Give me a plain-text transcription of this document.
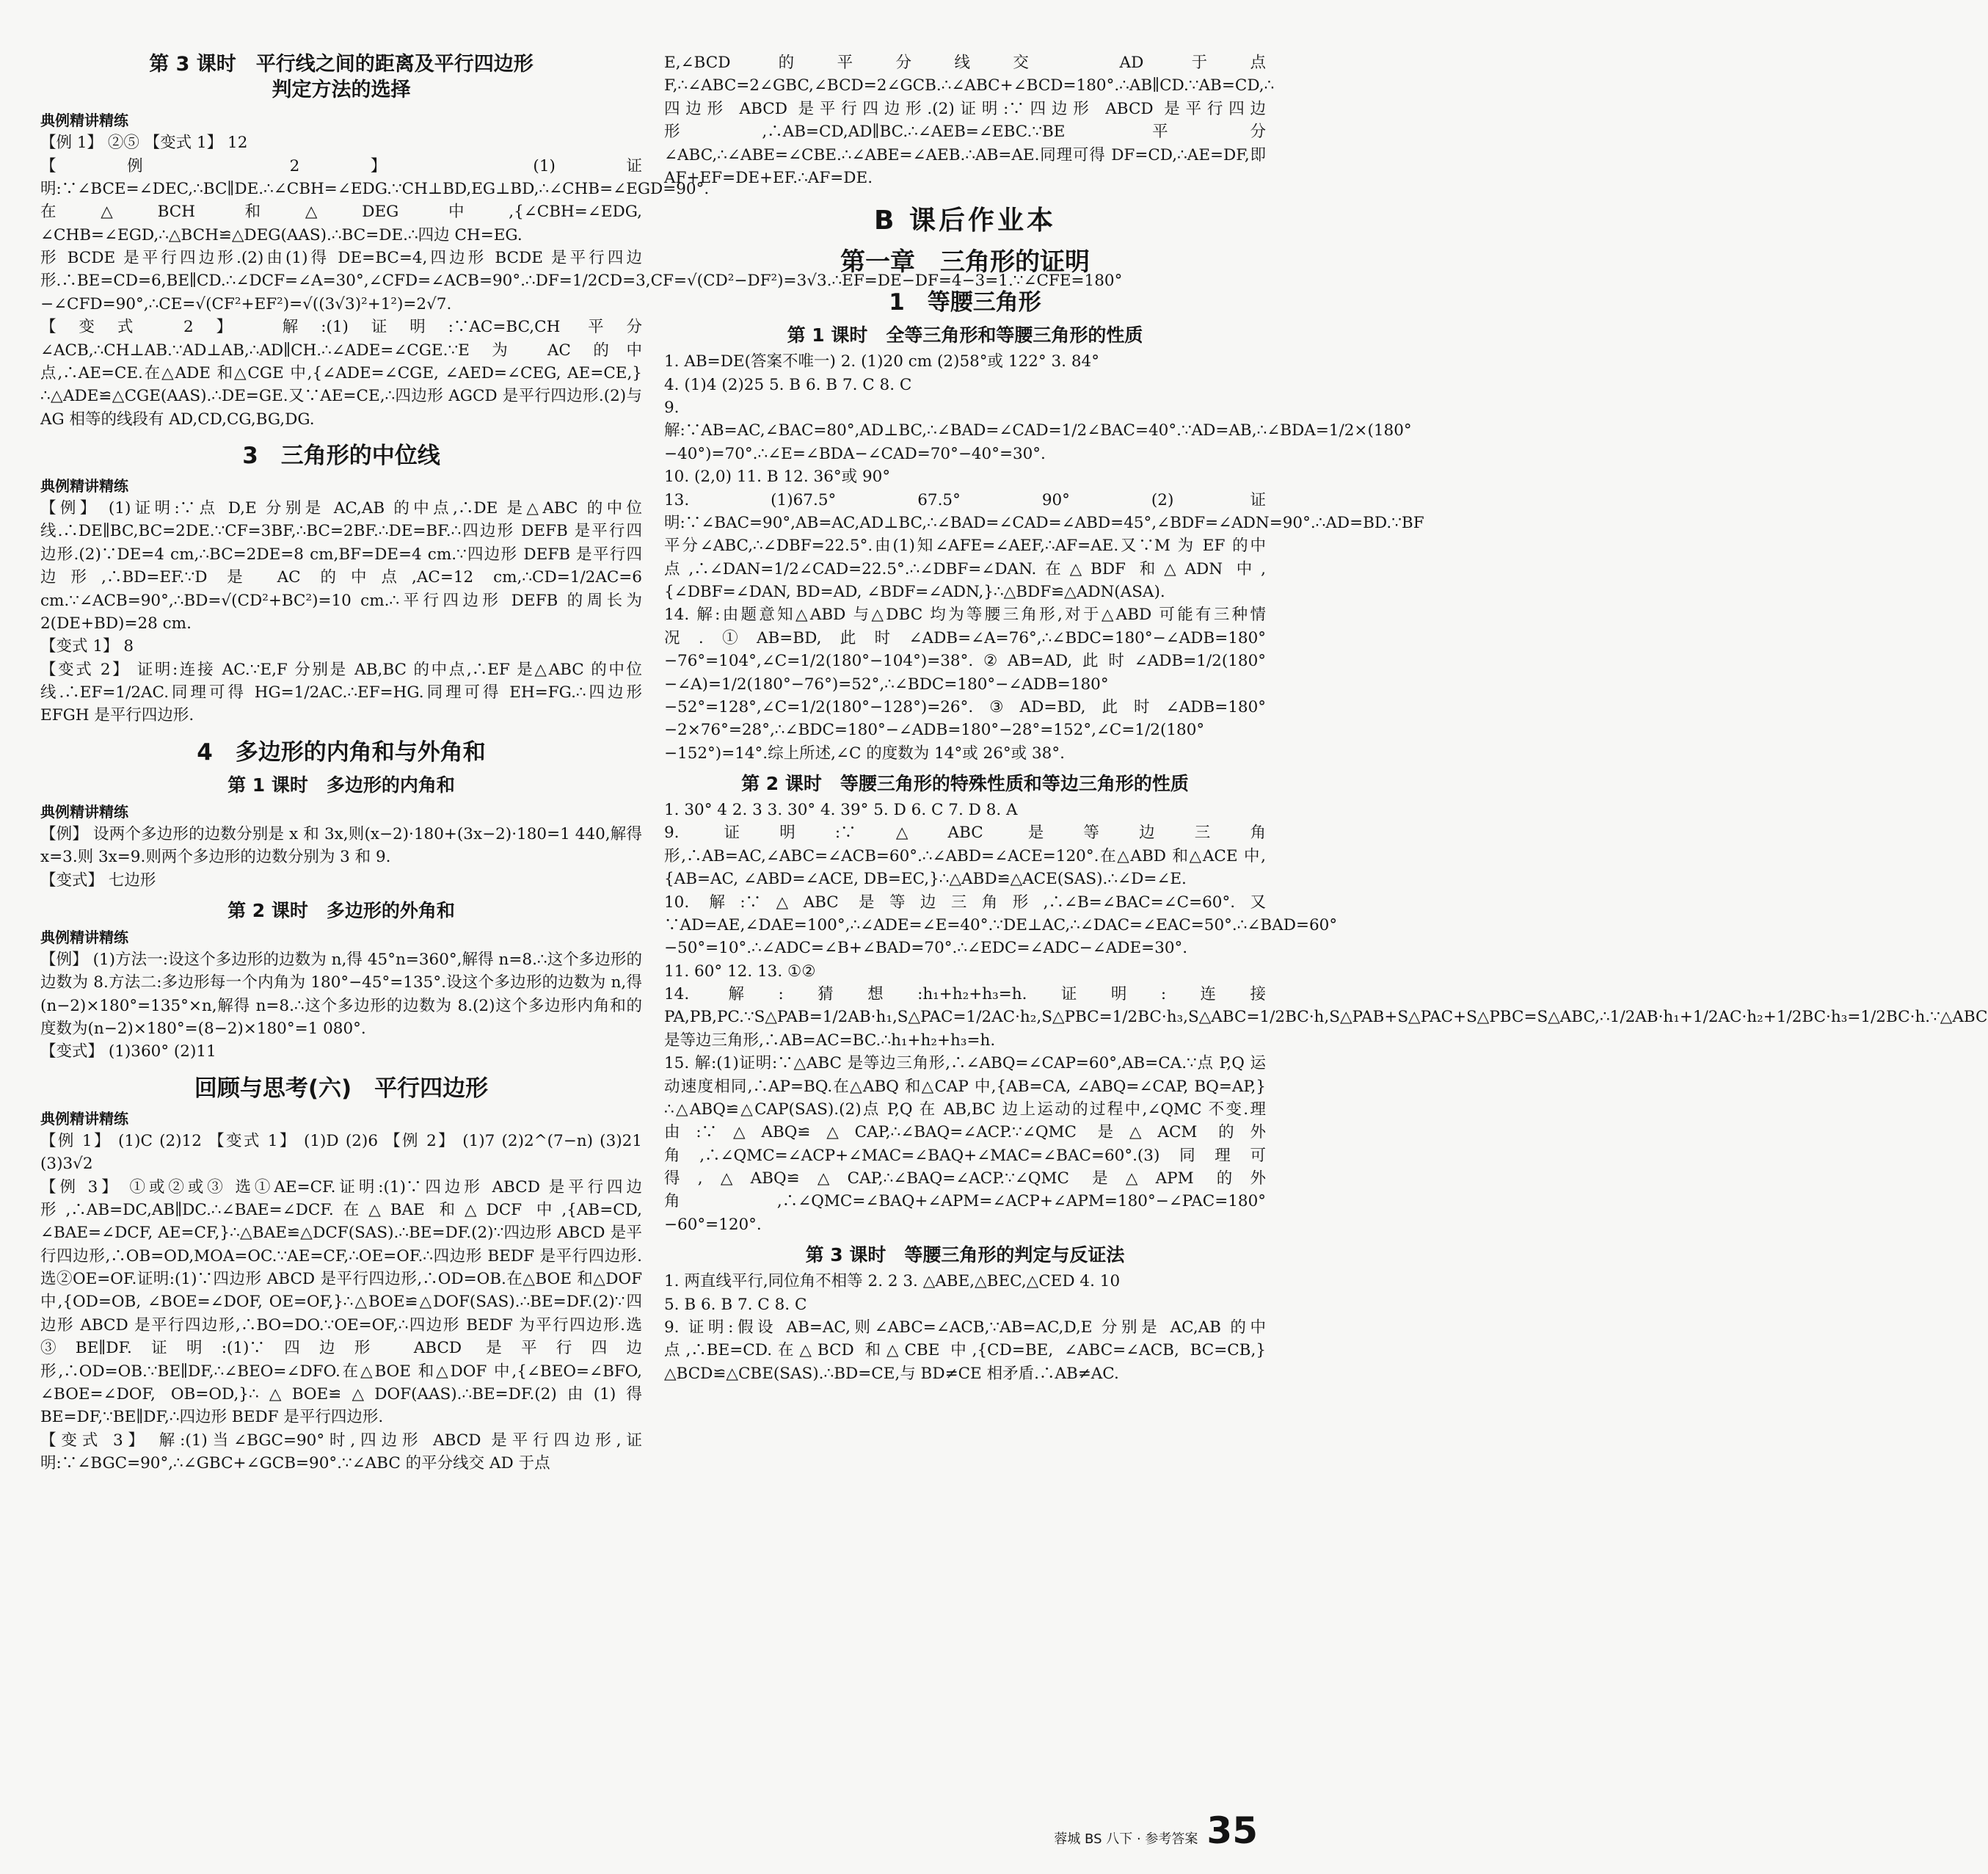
第 3 课时　平行线之间的距离及平行四边形
判定方法的选择
典例精讲精练

【例 1】 ②⑤ 【变式 1】 12

【例 2】 (1)证明:∵∠BCE=∠DEC,∴BC∥DE.∴∠CBH=∠EDG.∵CH⊥BD,EG⊥BD,∴∠CHB=∠EGD=90°.在△BCH 和△DEG 中,{∠CBH=∠EDG, ∠CHB=∠EGD,∴△BCH≌△DEG(AAS).∴BC=DE.∴四边 CH=EG.

形 BCDE 是平行四边形.(2)由(1)得 DE=BC=4,四边形 BCDE 是平行四边形.∴BE=CD=6,BE∥CD.∴∠DCF=∠A=30°,∠CFD=∠ACB=90°.∴DF=1/2CD=3,CF=√(CD²−DF²)=3√3.∴EF=DE−DF=4−3=1.∵∠CFE=180°−∠CFD=90°,∴CE=√(CF²+EF²)=√((3√3)²+1²)=2√7.

【变式 2】 解:(1)证明:∵AC=BC,CH 平分∠ACB,∴CH⊥AB.∵AD⊥AB,∴AD∥CH.∴∠ADE=∠CGE.∵E 为 AC 的中点,∴AE=CE.在△ADE 和△CGE 中,{∠ADE=∠CGE, ∠AED=∠CEG, AE=CE,}∴△ADE≌△CGE(AAS).∴DE=GE.又∵AE=CE,∴四边形 AGCD 是平行四边形.(2)与 AG 相等的线段有 AD,CD,CG,BG,DG.

3　三角形的中位线
典例精讲精练

【例】 (1)证明:∵点 D,E 分别是 AC,AB 的中点,∴DE 是△ABC 的中位线.∴DE∥BC,BC=2DE.∵CF=3BF,∴BC=2BF.∴DE=BF.∴四边形 DEFB 是平行四边形.(2)∵DE=4 cm,∴BC=2DE=8 cm,BF=DE=4 cm.∵四边形 DEFB 是平行四边形,∴BD=EF.∵D 是 AC 的中点,AC=12 cm,∴CD=1/2AC=6 cm.∵∠ACB=90°,∴BD=√(CD²+BC²)=10 cm.∴平行四边形 DEFB 的周长为 2(DE+BD)=28 cm.

【变式 1】 8

【变式 2】 证明:连接 AC.∵E,F 分别是 AB,BC 的中点,∴EF 是△ABC 的中位线.∴EF=1/2AC.同理可得 HG=1/2AC.∴EF=HG.同理可得 EH=FG.∴四边形 EFGH 是平行四边形.

4　多边形的内角和与外角和
第 1 课时　多边形的内角和
典例精讲精练

【例】 设两个多边形的边数分别是 x 和 3x,则(x−2)·180+(3x−2)·180=1 440,解得 x=3.则 3x=9.则两个多边形的边数分别为 3 和 9.

【变式】 七边形

第 2 课时　多边形的外角和
典例精讲精练

【例】 (1)方法一:设这个多边形的边数为 n,得 45°n=360°,解得 n=8.∴这个多边形的边数为 8.方法二:多边形每一个内角为 180°−45°=135°.设这个多边形的边数为 n,得(n−2)×180°=135°×n,解得 n=8.∴这个多边形的边数为 8.(2)这个多边形内角和的度数为(n−2)×180°=(8−2)×180°=1 080°.

【变式】 (1)360° (2)11

回顾与思考(六)　平行四边形
典例精讲精练

【例 1】 (1)C (2)12 【变式 1】 (1)D (2)6 【例 2】 (1)7 (2)2^(7−n) (3)21 (3)3√2

【例 3】 ①或②或③ 选①AE=CF.证明:(1)∵四边形 ABCD 是平行四边形,∴AB=DC,AB∥DC.∴∠BAE=∠DCF.在△BAE 和△DCF 中,{AB=CD, ∠BAE=∠DCF, AE=CF,}∴△BAE≌△DCF(SAS).∴BE=DF.(2)∵四边形 ABCD 是平行四边形,∴OB=OD,MOA=OC.∵AE=CF,∴OE=OF.∴四边形 BEDF 是平行四边形.选②OE=OF.证明:(1)∵四边形 ABCD 是平行四边形,∴OD=OB.在△BOE 和△DOF 中,{OD=OB, ∠BOE=∠DOF, OE=OF,}∴△BOE≌△DOF(SAS).∴BE=DF.(2)∵四边形 ABCD 是平行四边形,∴BO=DO.∵OE=OF,∴四边形 BEDF 为平行四边形.选③BE∥DF.证明:(1)∵四边形 ABCD 是平行四边形,∴OD=OB.∵BE∥DF,∴∠BEO=∠DFO.在△BOE 和△DOF 中,{∠BEO=∠BFO, ∠BOE=∠DOF, OB=OD,}∴△BOE≌△DOF(AAS).∴BE=DF.(2)由(1)得 BE=DF,∵BE∥DF,∴四边形 BEDF 是平行四边形.

【变式 3】 解:(1)当∠BGC=90°时,四边形 ABCD 是平行四边形,证明:∵∠BGC=90°,∴∠GBC+∠GCB=90°.∵∠ABC 的平分线交 AD 于点

E,∠BCD 的平分线交 AD 于点 F,∴∠ABC=2∠GBC,∠BCD=2∠GCB.∴∠ABC+∠BCD=180°.∴AB∥CD.∵AB=CD,∴四边形 ABCD 是平行四边形.(2)证明:∵四边形 ABCD 是平行四边形,∴AB=CD,AD∥BC.∴∠AEB=∠EBC.∵BE 平分∠ABC,∴∠ABE=∠CBE.∴∠ABE=∠AEB.∴AB=AE.同理可得 DF=CD,∴AE=DF,即 AF+EF=DE+EF.∴AF=DE.

B 课后作业本
第一章　三角形的证明
1　等腰三角形
第 1 课时　全等三角形和等腰三角形的性质

1. AB=DE(答案不唯一) 2. (1)20 cm (2)58°或 122° 3. 84°

4. (1)4 (2)25 5. B 6. B 7. C 8. C

9. 解:∵AB=AC,∠BAC=80°,AD⊥BC,∴∠BAD=∠CAD=1/2∠BAC=40°.∵AD=AB,∴∠BDA=1/2×(180°−40°)=70°.∴∠E=∠BDA−∠CAD=70°−40°=30°.

10. (2,0) 11. B 12. 36°或 90°

13. (1)67.5° 67.5° 90° (2)证明:∵∠BAC=90°,AB=AC,AD⊥BC,∴∠BAD=∠CAD=∠ABD=45°,∠BDF=∠ADN=90°.∴AD=BD.∵BF 平分∠ABC,∴∠DBF=22.5°.由(1)知∠AFE=∠AEF,∴AF=AE.又∵M 为 EF 的中点,∴∠DAN=1/2∠CAD=22.5°.∴∠DBF=∠DAN.在△BDF 和△ADN 中,{∠DBF=∠DAN, BD=AD, ∠BDF=∠ADN,}∴△BDF≌△ADN(ASA).

14. 解:由题意知△ABD 与△DBC 均为等腰三角形,对于△ABD 可能有三种情况.①AB=BD,此时∠ADB=∠A=76°,∴∠BDC=180°−∠ADB=180°−76°=104°,∠C=1/2(180°−104°)=38°.②AB=AD,此时∠ADB=1/2(180°−∠A)=1/2(180°−76°)=52°,∴∠BDC=180°−∠ADB=180°−52°=128°,∠C=1/2(180°−128°)=26°.③AD=BD,此时∠ADB=180°−2×76°=28°,∴∠BDC=180°−∠ADB=180°−28°=152°,∠C=1/2(180°−152°)=14°.综上所述,∠C 的度数为 14°或 26°或 38°.

第 2 课时　等腰三角形的特殊性质和等边三角形的性质

1. 30° 4 2. 3 3. 30° 4. 39° 5. D 6. C 7. D 8. A

9. 证明:∵△ABC 是等边三角形,∴AB=AC,∠ABC=∠ACB=60°.∴∠ABD=∠ACE=120°.在△ABD 和△ACE 中,{AB=AC, ∠ABD=∠ACE, DB=EC,}∴△ABD≌△ACE(SAS).∴∠D=∠E.

10. 解:∵△ABC 是等边三角形,∴∠B=∠BAC=∠C=60°.又∵AD=AE,∠DAE=100°,∴∠ADE=∠E=40°.∵DE⊥AC,∴∠DAC=∠EAC=50°.∴∠BAD=60°−50°=10°.∴∠ADC=∠B+∠BAD=70°.∴∠EDC=∠ADC−∠ADE=30°.

11. 60° 12. 13. ①②

14. 解:猜想:h₁+h₂+h₃=h.证明:连接 PA,PB,PC.∵S△PAB=1/2AB·h₁,S△PAC=1/2AC·h₂,S△PBC=1/2BC·h₃,S△ABC=1/2BC·h,S△PAB+S△PAC+S△PBC=S△ABC,∴1/2AB·h₁+1/2AC·h₂+1/2BC·h₃=1/2BC·h.∵△ABC 是等边三角形,∴AB=AC=BC.∴h₁+h₂+h₃=h.

15. 解:(1)证明:∵△ABC 是等边三角形,∴∠ABQ=∠CAP=60°,AB=CA.∵点 P,Q 运动速度相同,∴AP=BQ.在△ABQ 和△CAP 中,{AB=CA, ∠ABQ=∠CAP, BQ=AP,}∴△ABQ≌△CAP(SAS).(2)点 P,Q 在 AB,BC 边上运动的过程中,∠QMC 不变.理由:∵△ABQ≌△CAP,∴∠BAQ=∠ACP.∵∠QMC 是△ACM 的外角,∴∠QMC=∠ACP+∠MAC=∠BAQ+∠MAC=∠BAC=60°.(3)同理可得,△ABQ≌△CAP,∴∠BAQ=∠ACP.∵∠QMC 是△APM 的外角,∴∠QMC=∠BAQ+∠APM=∠ACP+∠APM=180°−∠PAC=180°−60°=120°.

第 3 课时　等腰三角形的判定与反证法

1. 两直线平行,同位角不相等 2. 2 3. △ABE,△BEC,△CED 4. 10

5. B 6. B 7. C 8. C

9. 证明:假设 AB=AC,则∠ABC=∠ACB,∵AB=AC,D,E 分别是 AC,AB 的中点,∴BE=CD.在△BCD 和△CBE 中,{CD=BE, ∠ABC=∠ACB, BC=CB,}△BCD≌△CBE(SAS).∴BD=CE,与 BD≠CE 相矛盾.∴AB≠AC.

蓉城 BS 八下 · 参考答案 35
